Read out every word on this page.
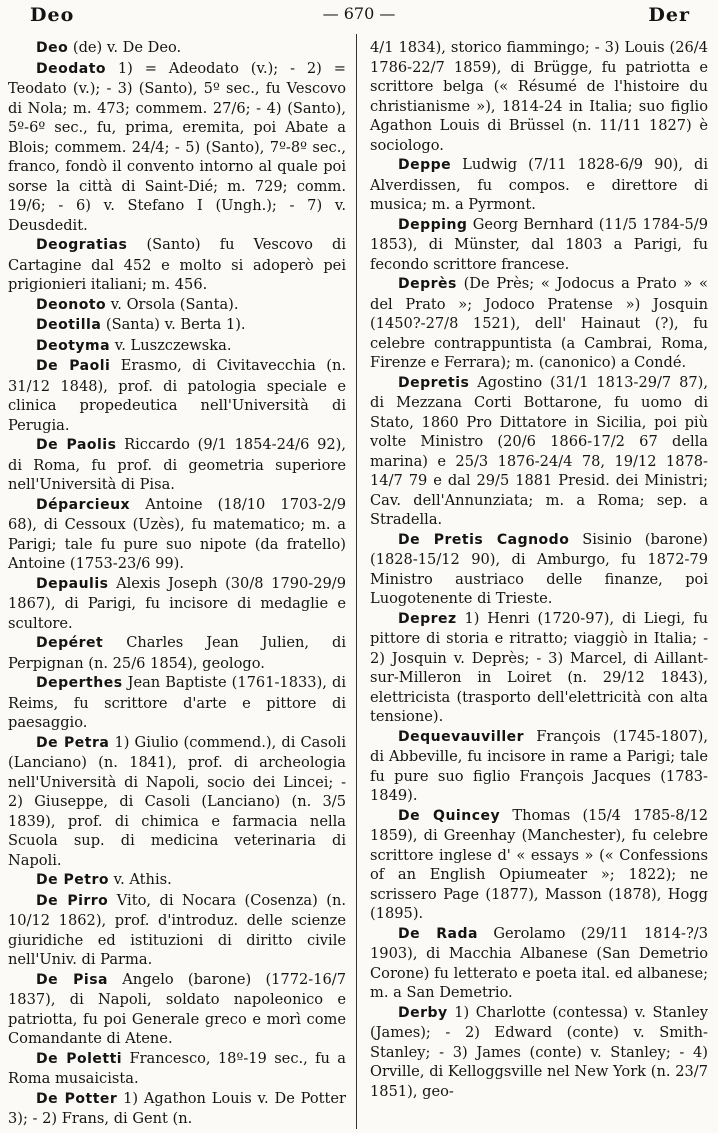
Deo	— 670 —	Der

Deo (de) v. De Deo.

Deodato 1) = Adeodato (v.); - 2) = Teodato (v.); - 3) (Santo), 5º sec., fu Vescovo di Nola; m. 473; commem. 27/6; - 4) (Santo), 5º-6º sec., fu, prima, eremita, poi Abate a Blois; commem. 24/4; - 5) (Santo), 7º-8º sec., franco, fondò il convento intorno al quale poi sorse la città di Saint-Dié; m. 729; comm. 19/6; - 6) v. Stefano I (Ungh.); - 7) v. Deusdedit.

Deogratias (Santo) fu Vescovo di Cartagine dal 452 e molto si adoperò pei prigionieri italiani; m. 456.

Deonoto v. Orsola (Santa).

Deotilla (Santa) v. Berta 1).

Deotyma v. Luszczewska.

De Paoli Erasmo, di Civitavecchia (n. 31/12 1848), prof. di patologia speciale e clinica propedeutica nell'Università di Perugia.

De Paolis Riccardo (9/1 1854-24/6 92), di Roma, fu prof. di geometria superiore nell'Università di Pisa.

Déparcieux Antoine (18/10 1703-2/9 68), di Cessoux (Uzès), fu matematico; m. a Parigi; tale fu pure suo nipote (da fratello) Antoine (1753-23/6 99).

Depaulis Alexis Joseph (30/8 1790-29/9 1867), di Parigi, fu incisore di medaglie e scultore.

Depéret Charles Jean Julien, di Perpignan (n. 25/6 1854), geologo.

Deperthes Jean Baptiste (1761-1833), di Reims, fu scrittore d'arte e pittore di paesaggio.

De Petra 1) Giulio (commend.), di Casoli (Lanciano) (n. 1841), prof. di archeologia nell'Università di Napoli, socio dei Lincei; - 2) Giuseppe, di Casoli (Lanciano) (n. 3/5 1839), prof. di chimica e farmacia nella Scuola sup. di medicina veterinaria di Napoli.

De Petro v. Athis.

De Pirro Vito, di Nocara (Cosenza) (n. 10/12 1862), prof. d'introduz. delle scienze giuridiche ed istituzioni di diritto civile nell'Univ. di Parma.

De Pisa Angelo (barone) (1772-16/7 1837), di Napoli, soldato napoleonico e patriotta, fu poi Generale greco e morì come Comandante di Atene.

De Poletti Francesco, 18º-19 sec., fu a Roma musaicista.

De Potter 1) Agathon Louis v. De Potter 3); - 2) Frans, di Gent (n.

4/1 1834), storico fiammingo; - 3) Louis (26/4 1786-22/7 1859), di Brügge, fu patriotta e scrittore belga (« Résumé de l'histoire du christianisme »), 1814-24 in Italia; suo figlio Agathon Louis di Brüssel (n. 11/11 1827) è sociologo.

Deppe Ludwig (7/11 1828-6/9 90), di Alverdissen, fu compos. e direttore di musica; m. a Pyrmont.

Depping Georg Bernhard (11/5 1784-5/9 1853), di Münster, dal 1803 a Parigi, fu fecondo scrittore francese.

Deprès (De Près; « Jodocus a Prato » « del Prato »; Jodoco Pratense ») Josquin (1450?-27/8 1521), dell' Hainaut (?), fu celebre contrappuntista (a Cambrai, Roma, Firenze e Ferrara); m. (canonico) a Condé.

Depretis Agostino (31/1 1813-29/7 87), di Mezzana Corti Bottarone, fu uomo di Stato, 1860 Pro Dittatore in Sicilia, poi più volte Ministro (20/6 1866-17/2 67 della marina) e 25/3 1876-24/4 78, 19/12 1878-14/7 79 e dal 29/5 1881 Presid. dei Ministri; Cav. dell'Annunziata; m. a Roma; sep. a Stradella.

De Pretis Cagnodo Sisinio (barone) (1828-15/12 90), di Amburgo, fu 1872-79 Ministro austriaco delle finanze, poi Luogotenente di Trieste.

Deprez 1) Henri (1720-97), di Liegi, fu pittore di storia e ritratto; viaggiò in Italia; - 2) Josquin v. Deprès; - 3) Marcel, di Aillant-sur-Milleron in Loiret (n. 29/12 1843), elettricista (trasporto dell'elettricità con alta tensione).

Dequevauviller François (1745-1807), di Abbeville, fu incisore in rame a Parigi; tale fu pure suo figlio François Jacques (1783-1849).

De Quincey Thomas (15/4 1785-8/12 1859), di Greenhay (Manchester), fu celebre scrittore inglese d' « essays » (« Confessions of an English Opiumeater »; 1822); ne scrissero Page (1877), Masson (1878), Hogg (1895).

De Rada Gerolamo (29/11 1814-?/3 1903), di Macchia Albanese (San Demetrio Corone) fu letterato e poeta ital. ed albanese; m. a San Demetrio.

Derby 1) Charlotte (contessa) v. Stanley (James); - 2) Edward (conte) v. Smith-Stanley; - 3) James (conte) v. Stanley; - 4) Orville, di Kelloggsville nel New York (n. 23/7 1851), geo-
